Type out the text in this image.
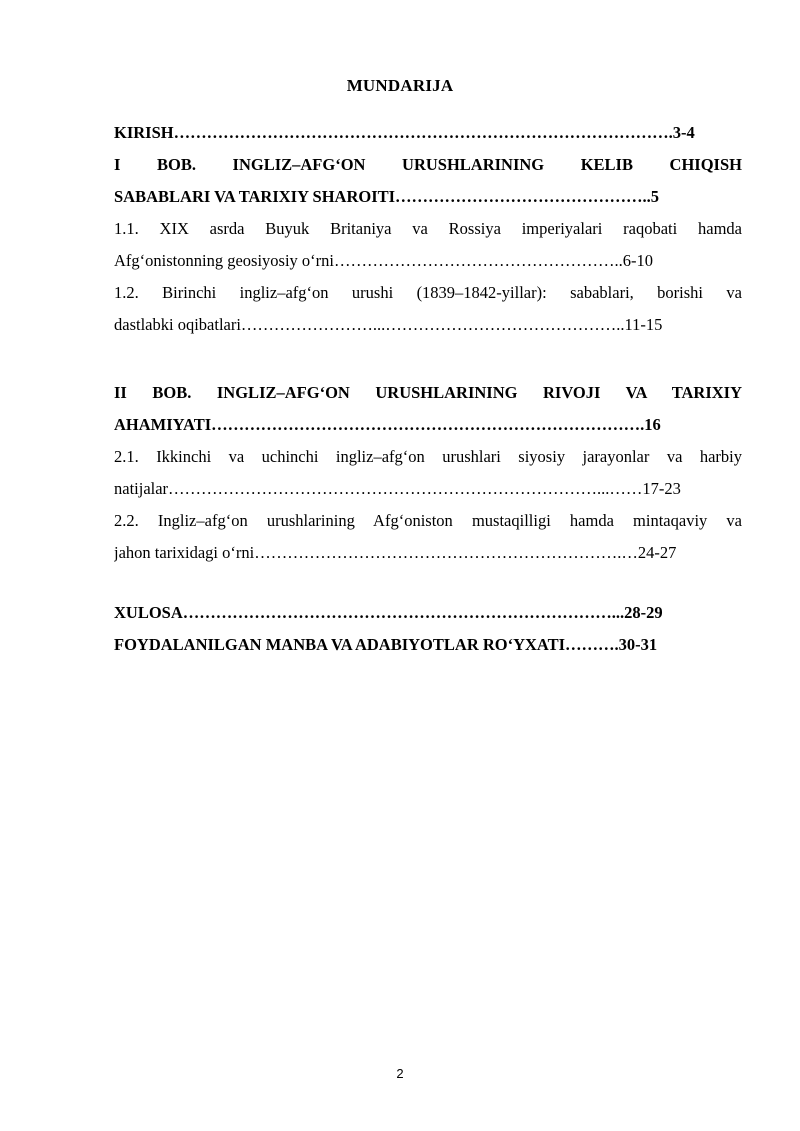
MUNDARIJA
KIRISH……………………………………………………………………………….3-4
I BOB. INGLIZ–AFG‘ON URUSHLARINING KELIB CHIQISH
SABABLARI VA TARIXIY SHAROITI………………………………………..5
1.1. XIX asrda Buyuk Britaniya va Rossiya imperiyalari raqobati hamda
Afg‘onistonning geosiyosiy o‘rni……………………………………………..6-10
1.2. Birinchi ingliz–afg‘on urushi (1839–1842-yillar): sabablari, borishi va
dastlabki oqibatlari……………………...……………………………………..11-15
II BOB. INGLIZ–AFG‘ON URUSHLARINING RIVOJI VA TARIXIY
AHAMIYATI…………………………………………………………………….16
2.1. Ikkinchi va uchinchi ingliz–afg‘on urushlari siyosiy jarayonlar va harbiy
natijalar……………………………………………………………………...……17-23
2.2. Ingliz–afg‘on urushlarining Afg‘oniston mustaqilligi hamda mintaqaviy va
jahon tarixidagi o‘rni………………………………………………………….…24-27
XULOSA……………………………………………………………………...28-29
FOYDALANILGAN MANBA VA ADABIYOTLAR RO‘YXATI……….30-31
2
